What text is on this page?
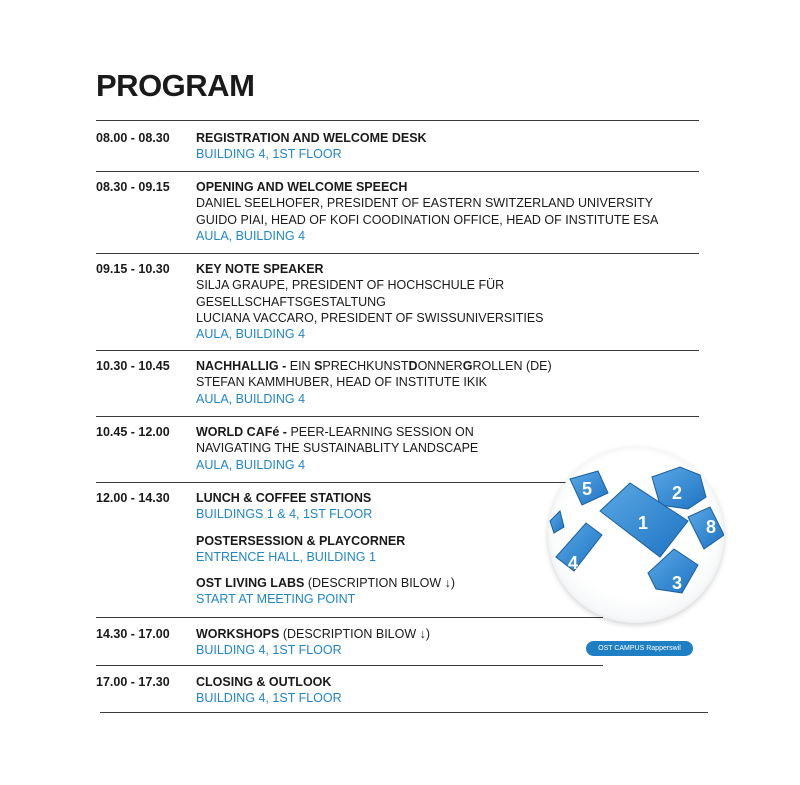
PROGRAM
08.00 - 08.30 REGISTRATION AND WELCOME DESK
BUILDING 4, 1ST FLOOR
08.30 - 09.15 OPENING AND WELCOME SPEECH
DANIEL SEELHOFER, PRESIDENT OF EASTERN SWITZERLAND UNIVERSITY
GUIDO PIAI, HEAD OF KOFI COODINATION OFFICE, HEAD OF INSTITUTE ESA
AULA, BUILDING 4
09.15 - 10.30 KEY NOTE SPEAKER
SILJA GRAUPE, PRESIDENT OF HOCHSCHULE FÜR
GESELLSCHAFTSGESTALTUNG
LUCIANA VACCARO, PRESIDENT OF SWISSUNIVERSITIES
AULA, BUILDING 4
10.30 - 10.45 NACHHALLIG - EIN SPRECHKUNSTDONNERGROLLEN (DE)
STEFAN KAMMHUBER, HEAD OF INSTITUTE IKIK
AULA, BUILDING 4
10.45 - 12.00 WORLD CAFé - PEER-LEARNING SESSION ON
NAVIGATING THE SUSTAINABLITY LANDSCAPE
AULA, BUILDING 4
12.00 - 14.30 LUNCH & COFFEE STATIONS
BUILDINGS 1 & 4, 1ST FLOOR
POSTERSESSION & PLAYCORNER
ENTRENCE HALL, BUILDING 1
OST LIVING LABS (DESCRIPTION BILOW ↓)
START AT MEETING POINT
14.30 - 17.00 WORKSHOPS (DESCRIPTION BILOW ↓)
BUILDING 4, 1ST FLOOR
17.00 - 17.30 CLOSING & OUTLOOK
BUILDING 4, 1ST FLOOR
5	2
1	8
4
3
OST CAMPUS Rapperswil
